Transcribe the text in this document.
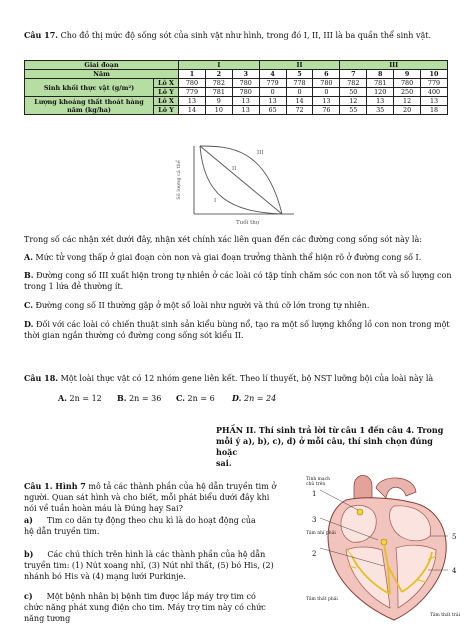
Câu 17. Cho đồ thị mức độ sống sót của sinh vật như hình, trong đó I, II, III là ba quần thể sinh vật.
Giai đoạn		I			II			III			
Năm		1	2	3	4	5	6	7	8	9	10
Sinh khối thực vật (g/m²)	Lô X	780	782	780	779	778	780	782	781	780	779
	Lô Y	779	781	780	0	0	0	50	120	250	400
Lượng khoáng thất thoát hàng năm (kg/ha)	Lô X	13	9	13	13	14	13	12	13	12	13
	Lô Y	14	10	13	65	72	76	55	35	20	18
Số lượng cá thể
Tuổi thọ
III
II
I
Trong số các nhận xét dưới đây, nhận xét chính xác liên quan đến các đường cong sống sót này là:
A. Mức tử vong thấp ở giai đoạn còn non và giai đoạn trưởng thành thể hiện rõ ở đường cong số I.
B. Đường cong số III xuất hiện trong tự nhiên ở các loài có tập tính chăm sóc con non tốt và số lượng con trong 1 lứa đẻ thường ít.
C. Đường cong số II thường gặp ở một số loài như người và thú cỡ lớn trong tự nhiên.
D. Đối với các loài có chiến thuật sinh sản kiểu bùng nổ, tạo ra một số lượng khổng lồ con non trong một thời gian ngắn thường có đường cong sống sót kiểu II.
Câu 18. Một loài thực vật có 12 nhóm gene liên kết. Theo lí thuyết, bộ NST lưỡng bội của loài này là
A. 2n = 12 B. 2n = 36 C. 2n = 6 D. 2n = 24
PHẦN II. Thí sinh trả lời từ câu 1 đến câu 4. Trong
mỗi ý a), b), c), d) ở mỗi câu, thí sinh chọn đúng hoặc
sai.
Câu 1. Hình 7 mô tả các thành phần của hệ dẫn truyền tim ở
người. Quan sát hình và cho biết, mỗi phát biểu dưới đây khi
nói về tuần hoàn máu là Đúng hay Sai?
a) Tim co dãn tự động theo chu kì là do hoạt động của
hệ dẫn truyền tim.
b) Các chú thích trên hình là các thành phần của hệ dẫn
truyền tim: (1) Nút xoang nhĩ, (3) Nút nhĩ thất, (5) bó His, (2)
nhánh bó His và (4) mạng lưới Purkinje.
c) Một bệnh nhân bị bệnh tim được lắp máy trợ tim có
chức năng phát xung điện cho tim. Máy trợ tim này có chức
năng tương
Tĩnh mạch
chủ trên
Tâm nhĩ phải
Tâm thất phải
Tâm thất trái
1
3
2
5
4
